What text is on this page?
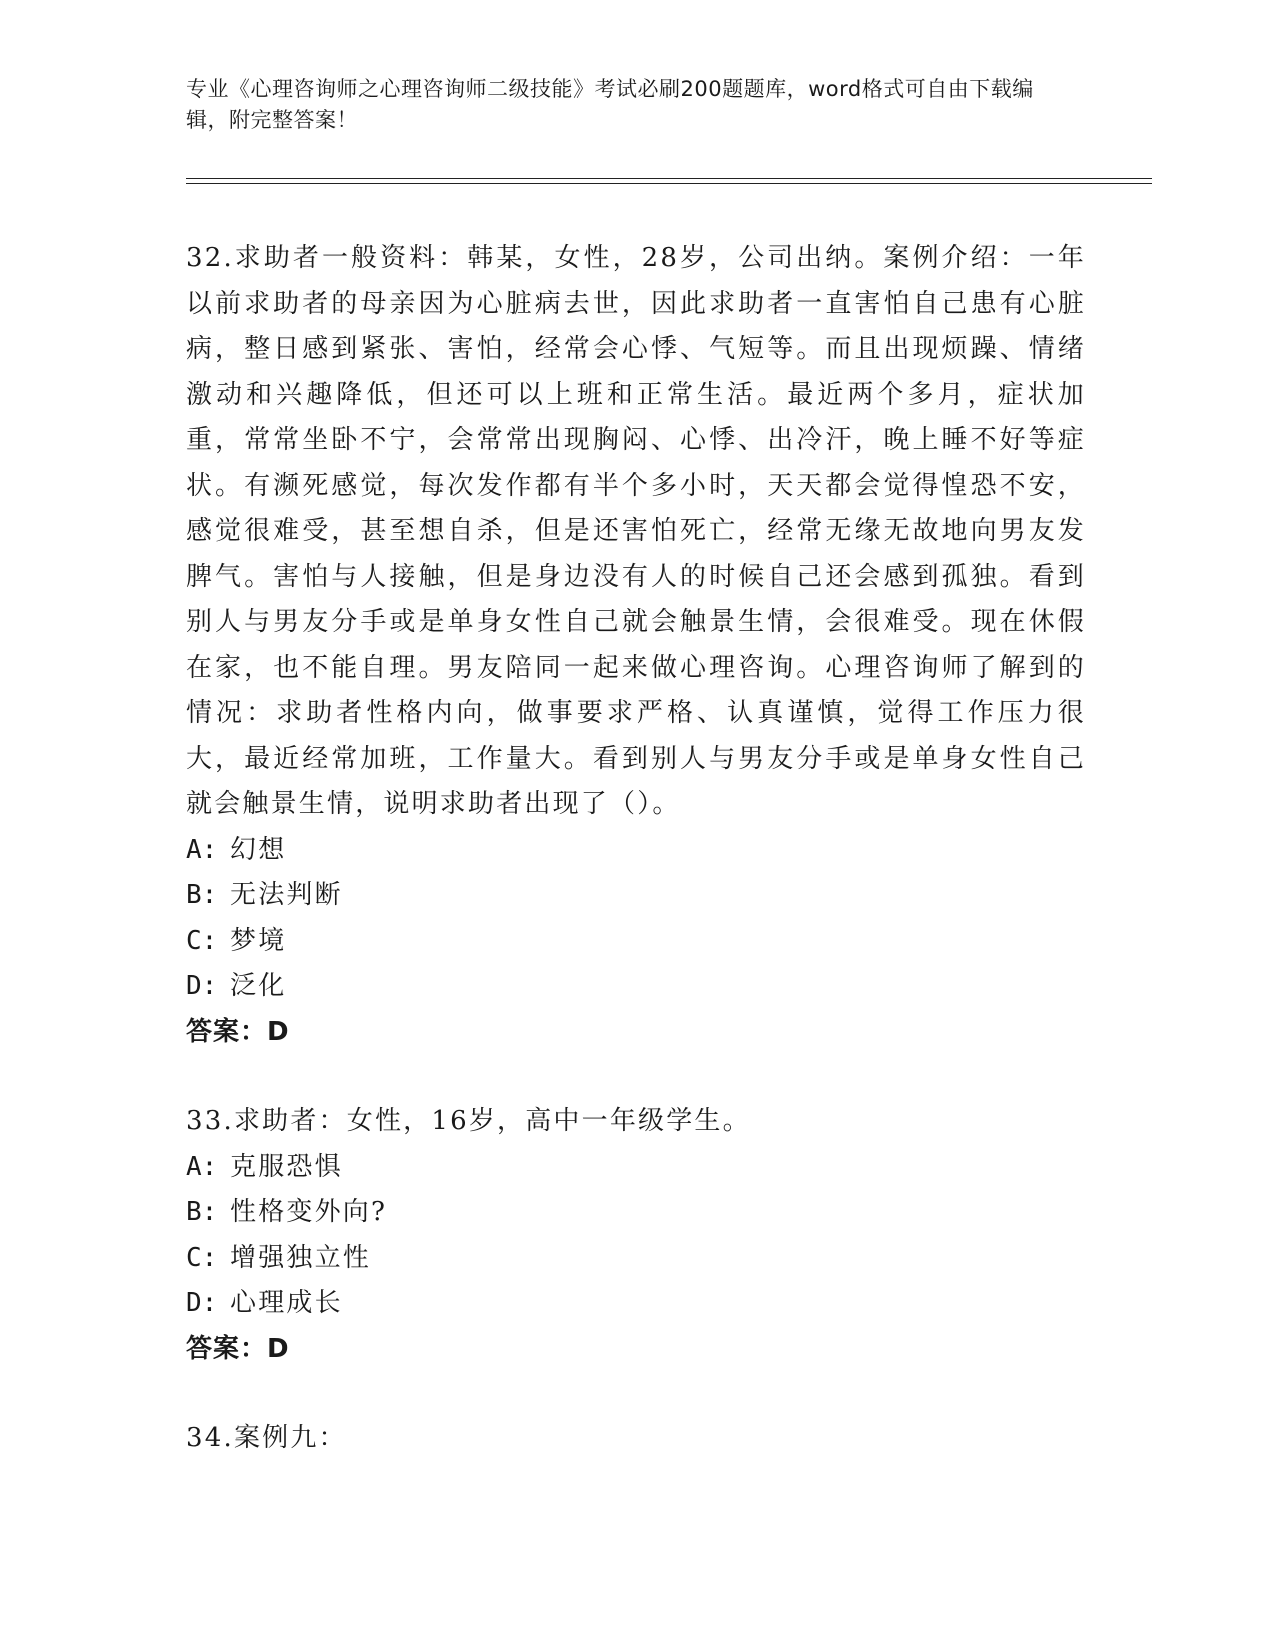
专业《心理咨询师之心理咨询师二级技能》考试必刷200题题库，word格式可自由下载编辑，附完整答案！

32.求助者一般资料：韩某，女性，28岁，公司出纳。案例介绍：一年以前求助者的母亲因为心脏病去世，因此求助者一直害怕自己患有心脏病，整日感到紧张、害怕，经常会心悸、气短等。而且出现烦躁、情绪激动和兴趣降低，但还可以上班和正常生活。最近两个多月，症状加重，常常坐卧不宁，会常常出现胸闷、心悸、出冷汗，晚上睡不好等症状。有濒死感觉，每次发作都有半个多小时，天天都会觉得惶恐不安，感觉很难受，甚至想自杀，但是还害怕死亡，经常无缘无故地向男友发脾气。害怕与人接触，但是身边没有人的时候自己还会感到孤独。看到别人与男友分手或是单身女性自己就会触景生情，会很难受。现在休假在家，也不能自理。男友陪同一起来做心理咨询。心理咨询师了解到的情况：求助者性格内向，做事要求严格、认真谨慎，觉得工作压力很大，最近经常加班，工作量大。看到别人与男友分手或是单身女性自己就会触景生情，说明求助者出现了（）。

A: 幻想
B: 无法判断
C: 梦境
D: 泛化
答案：D

33.求助者：女性，16岁，高中一年级学生。

A: 克服恐惧
B: 性格变外向?
C: 增强独立性
D: 心理成长
答案：D

34.案例九：
